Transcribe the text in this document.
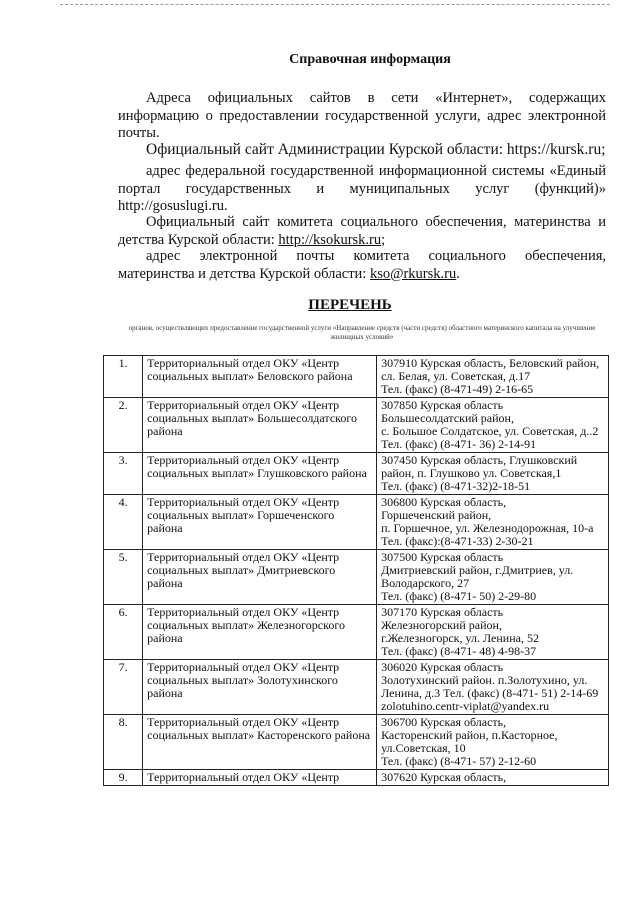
Справочная информация
Адреса официальных сайтов в сети «Интернет», содержащих информацию о предоставлении государственной услуги, адрес электронной почты.
Официальный сайт Администрации Курской области: https://kursk.ru;
адрес федеральной государственной информационной системы «Единый портал государственных и муниципальных услуг (функций)» http://gosuslugi.ru.
Официальный сайт комитета социального обеспечения, материнства и детства Курской области: http://ksokursk.ru;
адрес электронной почты комитета социального обеспечения, материнства и детства Курской области: kso@rkursk.ru.
ПЕРЕЧЕНЬ
органов, осуществляющих предоставление государственной услуги «Направление средств (части средств) областного материнского капитала на улучшение жилищных условий»
1.	Территориальный отдел ОКУ «Центр социальных выплат» Беловского района	307910 Курская область, Беловский район, сл. Белая, ул. Советская, д.17
Тел. (факс) (8-471-49) 2-16-65

2.	Территориальный отдел ОКУ «Центр социальных выплат» Большесолдатского района	307850 Курская область
Большесолдатский район,
с. Большое Солдатское, ул. Советская, д..2
Тел. (факс) (8-471- 36) 2-14-91

3.	Территориальный отдел ОКУ «Центр социальных выплат» Глушковского района	307450 Курская область, Глушковский район, п. Глушково ул. Советская,1
Тел. (факс) (8-471-32)2-18-51

4.	Территориальный отдел ОКУ «Центр социальных выплат» Горшеченского района	306800 Курская область,
Горшеченский район,
п. Горшечное, ул. Железнодорожная, 10-а
Тел. (факс):(8-471-33) 2-30-21

5.	Территориальный отдел ОКУ «Центр социальных выплат» Дмитриевского района	307500 Курская область
Дмитриевский район, г.Дмитриев, ул. Володарского, 27
Тел. (факс) (8-471- 50) 2-29-80

6.	Территориальный отдел ОКУ «Центр социальных выплат» Железногорского района	307170 Курская область
Железногорский район,
г.Железногорск, ул. Ленина, 52
Тел. (факс) (8-471- 48) 4-98-37

7.	Территориальный отдел ОКУ «Центр социальных выплат» Золотухинского района	306020 Курская область
Золотухинский район. п.Золотухино, ул. Ленина, д.3 Тел. (факс) (8-471- 51) 2-14-69
zolotuhino.centr-viplat@yandex.ru

8.	Территориальный отдел ОКУ «Центр социальных выплат» Касторенского района	306700 Курская область,
Касторенский район, п.Касторное, ул.Советская, 10
Тел. (факс) (8-471- 57) 2-12-60

9.	Территориальный отдел ОКУ «Центр	307620 Курская область,
